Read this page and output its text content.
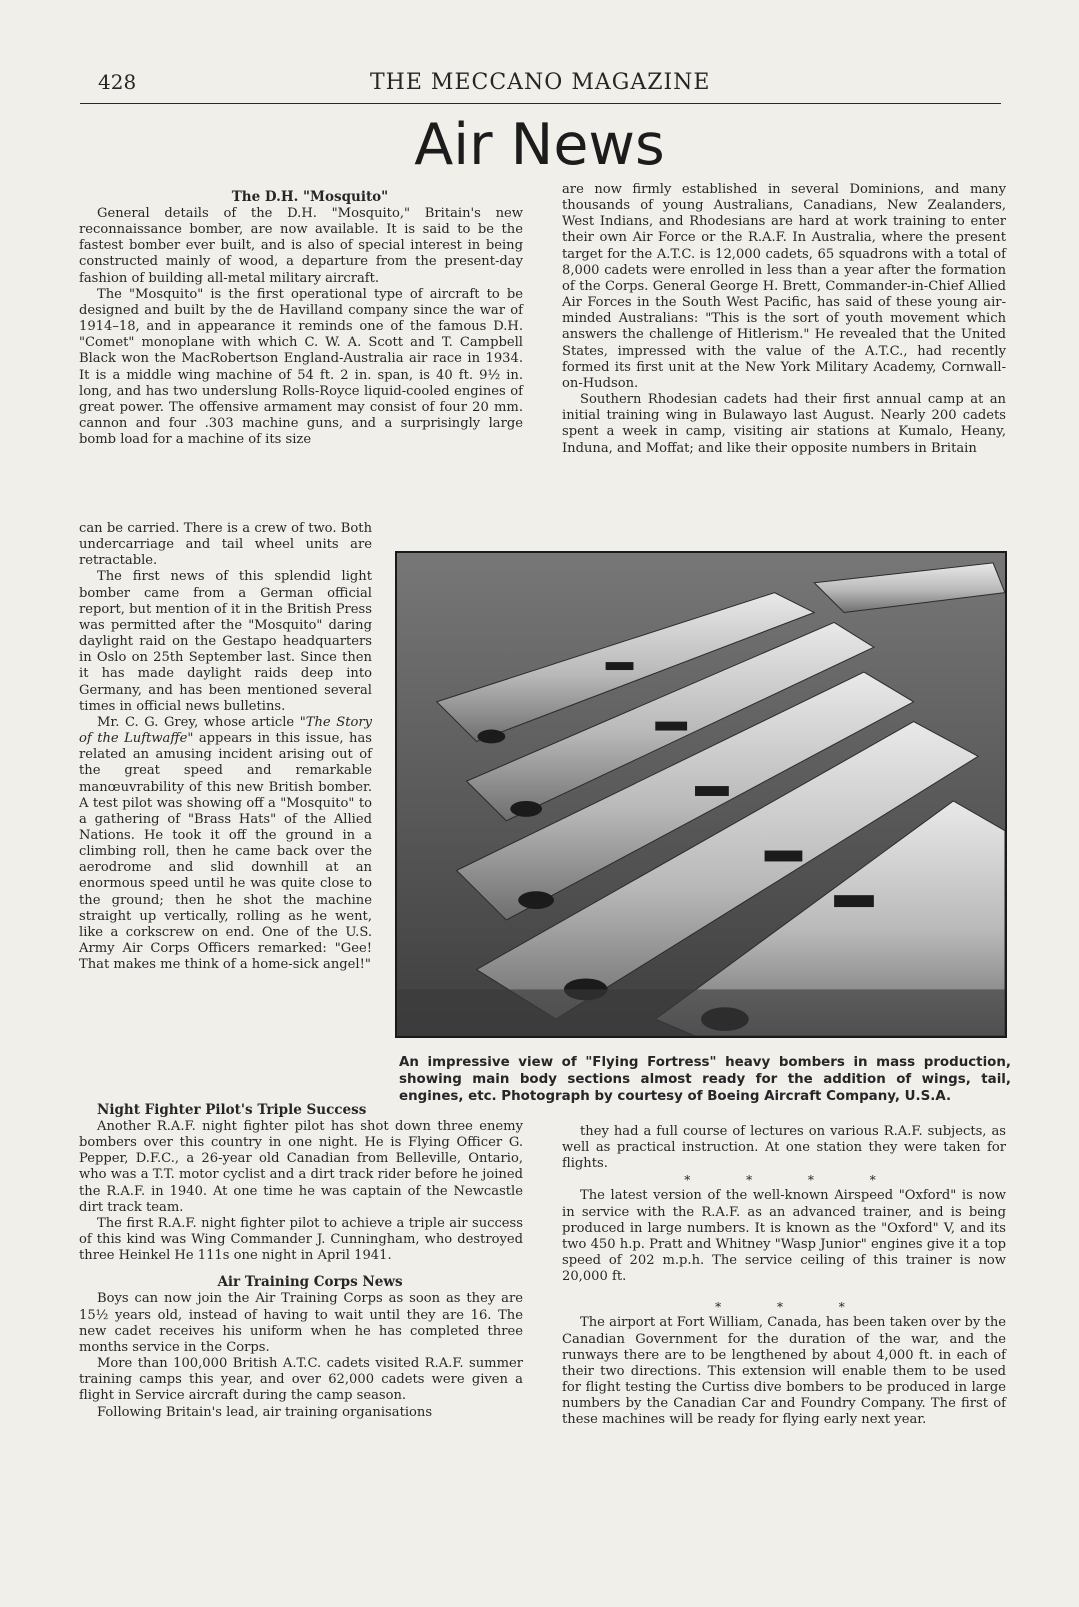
428	THE MECCANO MAGAZINE
Air News

The D.H. "Mosquito"

General details of the D.H. "Mosquito," Britain's new reconnaissance bomber, are now available. It is said to be the fastest bomber ever built, and is also of special interest in being constructed mainly of wood, a departure from the present-day fashion of building all-metal military aircraft.

The "Mosquito" is the first operational type of aircraft to be designed and built by the de Havilland company since the war of 1914–18, and in appearance it reminds one of the famous D.H. "Comet" monoplane with which C. W. A. Scott and T. Campbell Black won the MacRobertson England-Australia air race in 1934. It is a middle wing machine of 54 ft. 2 in. span, is 40 ft. 9½ in. long, and has two underslung Rolls-Royce liquid-cooled engines of great power. The offensive armament may consist of four 20 mm. cannon and four .303 machine guns, and a surprisingly large bomb load for a machine of its size

can be carried. There is a crew of two. Both undercarriage and tail wheel units are retractable.

The first news of this splendid light bomber came from a German official report, but mention of it in the British Press was permitted after the "Mosquito" daring daylight raid on the Gestapo headquarters in Oslo on 25th September last. Since then it has made daylight raids deep into Germany, and has been mentioned several times in official news bulletins.

Mr. C. G. Grey, whose article "The Story of the Luftwaffe" appears in this issue, has related an amusing incident arising out of the great speed and remarkable manœuvrability of this new British bomber. A test pilot was showing off a "Mosquito" to a gathering of "Brass Hats" of the Allied Nations. He took it off the ground in a climbing roll, then he came back over the aerodrome and slid downhill at an enormous speed until he was quite close to the ground; then he shot the machine straight up vertically, rolling as he went, like a corkscrew on end. One of the U.S. Army Air Corps Officers remarked: "Gee! That makes me think of a home-sick angel!"

Night Fighter Pilot's Triple Success

Another R.A.F. night fighter pilot has shot down three enemy bombers over this country in one night. He is Flying Officer G. Pepper, D.F.C., a 26-year old Canadian from Belleville, Ontario, who was a T.T. motor cyclist and a dirt track rider before he joined the R.A.F. in 1940. At one time he was captain of the Newcastle dirt track team.

The first R.A.F. night fighter pilot to achieve a triple air success of this kind was Wing Commander J. Cunningham, who destroyed three Heinkel He 111s one night in April 1941.

Air Training Corps News

Boys can now join the Air Training Corps as soon as they are 15½ years old, instead of having to wait until they are 16. The new cadet receives his uniform when he has completed three months service in the Corps.

More than 100,000 British A.T.C. cadets visited R.A.F. summer training camps this year, and over 62,000 cadets were given a flight in Service aircraft during the camp season.

Following Britain's lead, air training organisations

are now firmly established in several Dominions, and many thousands of young Australians, Canadians, New Zealanders, West Indians, and Rhodesians are hard at work training to enter their own Air Force or the R.A.F. In Australia, where the present target for the A.T.C. is 12,000 cadets, 65 squadrons with a total of 8,000 cadets were enrolled in less than a year after the formation of the Corps. General George H. Brett, Commander-in-Chief Allied Air Forces in the South West Pacific, has said of these young air-minded Australians: "This is the sort of youth movement which answers the challenge of Hitlerism." He revealed that the United States, impressed with the value of the A.T.C., had recently formed its first unit at the New York Military Academy, Cornwall-on-Hudson.

Southern Rhodesian cadets had their first annual camp at an initial training wing in Bulawayo last August. Nearly 200 cadets spent a week in camp, visiting air stations at Kumalo, Heany, Induna, and Moffat; and like their opposite numbers in Britain

An impressive view of "Flying Fortress" heavy bombers in mass production, showing main body sections almost ready for the addition of wings, tail, engines, etc. Photograph by courtesy of Boeing Aircraft Company, U.S.A.

they had a full course of lectures on various R.A.F. subjects, as well as practical instruction. At one station they were taken for flights.

* * * *

The latest version of the well-known Airspeed "Oxford" is now in service with the R.A.F. as an advanced trainer, and is being produced in large numbers. It is known as the "Oxford" V, and its two 450 h.p. Pratt and Whitney "Wasp Junior" engines give it a top speed of 202 m.p.h. The service ceiling of this trainer is now 20,000 ft.

* * *

The airport at Fort William, Canada, has been taken over by the Canadian Government for the duration of the war, and the runways there are to be lengthened by about 4,000 ft. in each of their two directions. This extension will enable them to be used for flight testing the Curtiss dive bombers to be produced in large numbers by the Canadian Car and Foundry Company. The first of these machines will be ready for flying early next year.
